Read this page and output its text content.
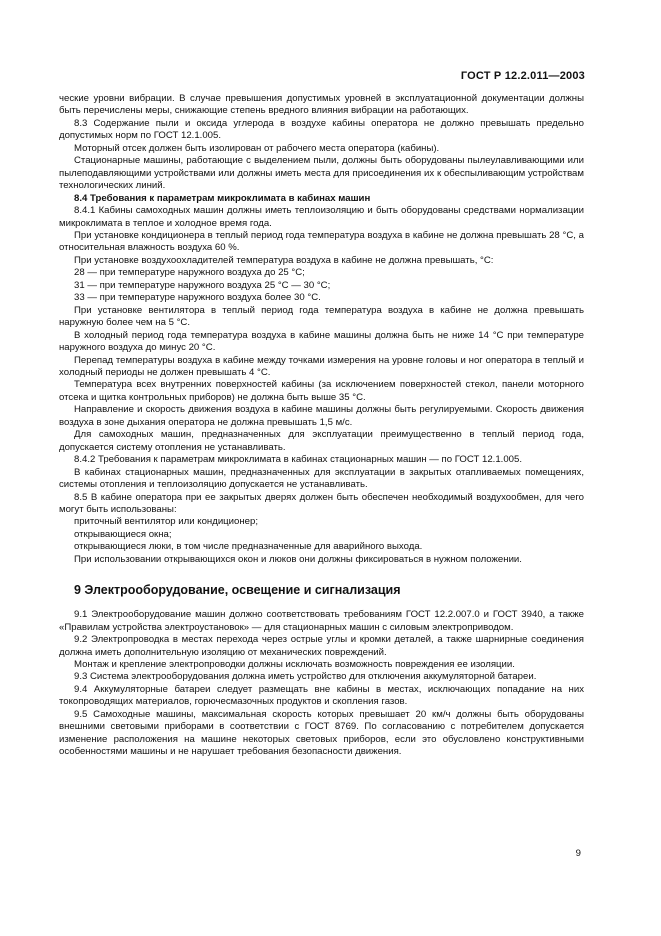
ГОСТ Р 12.2.011—2003

ческие уровни вибрации. В случае превышения допустимых уровней в эксплуатационной документации должны быть перечислены меры, снижающие степень вредного влияния вибрации на работающих.

8.3 Содержание пыли и оксида углерода в воздухе кабины оператора не должно превышать предельно допустимых норм по ГОСТ 12.1.005.

Моторный отсек должен быть изолирован от рабочего места оператора (кабины).

Стационарные машины, работающие с выделением пыли, должны быть оборудованы пылеулавливающими или пылеподавляющими устройствами или должны иметь места для присоединения их к обеспыливающим устройствам технологических линий.

8.4 Требования к параметрам микроклимата в кабинах машин

8.4.1 Кабины самоходных машин должны иметь теплоизоляцию и быть оборудованы средствами нормализации микроклимата в теплое и холодное время года.

При установке кондиционера в теплый период года температура воздуха в кабине не должна превышать 28 °С, а относительная влажность воздуха 60 %.

При установке воздухоохладителей температура воздуха в кабине не должна превышать, °С:

28 — при температуре наружного воздуха до 25 °С;

31 — при температуре наружного воздуха 25 °С — 30 °С;

33 — при температуре наружного воздуха более 30 °С.

При установке вентилятора в теплый период года температура воздуха в кабине не должна превышать наружную более чем на 5 °С.

В холодный период года температура воздуха в кабине машины должна быть не ниже 14 °С при температуре наружного воздуха до минус 20 °С.

Перепад температуры воздуха в кабине между точками измерения на уровне головы и ног оператора в теплый и холодный периоды не должен превышать 4 °С.

Температура всех внутренних поверхностей кабины (за исключением поверхностей стекол, панели моторного отсека и щитка контрольных приборов) не должна быть выше 35 °С.

Направление и скорость движения воздуха в кабине машины должны быть регулируемыми. Скорость движения воздуха в зоне дыхания оператора не должна превышать 1,5 м/с.

Для самоходных машин, предназначенных для эксплуатации преимущественно в теплый период года, допускается систему отопления не устанавливать.

8.4.2 Требования к параметрам микроклимата в кабинах стационарных машин — по ГОСТ 12.1.005.

В кабинах стационарных машин, предназначенных для эксплуатации в закрытых отапливаемых помещениях, системы отопления и теплоизоляцию допускается не устанавливать.

8.5 В кабине оператора при ее закрытых дверях должен быть обеспечен необходимый воздухообмен, для чего могут быть использованы:

приточный вентилятор или кондиционер;

открывающиеся окна;

открывающиеся люки, в том числе предназначенные для аварийного выхода.

При использовании открывающихся окон и люков они должны фиксироваться в нужном положении.

9 Электрооборудование, освещение и сигнализация

9.1 Электрооборудование машин должно соответствовать требованиям ГОСТ 12.2.007.0 и ГОСТ 3940, а также «Правилам устройства электроустановок» — для стационарных машин с силовым электроприводом.

9.2 Электропроводка в местах перехода через острые углы и кромки деталей, а также шарнирные соединения должна иметь дополнительную изоляцию от механических повреждений.

Монтаж и крепление электропроводки должны исключать возможность повреждения ее изоляции.

9.3 Система электрооборудования должна иметь устройство для отключения аккумуляторной батареи.

9.4 Аккумуляторные батареи следует размещать вне кабины в местах, исключающих попадание на них токопроводящих материалов, горючесмазочных продуктов и скопления газов.

9.5 Самоходные машины, максимальная скорость которых превышает 20 км/ч должны быть оборудованы внешними световыми приборами в соответствии с ГОСТ 8769. По согласованию с потребителем допускается изменение расположения на машине некоторых световых приборов, если это обусловлено конструктивными особенностями машины и не нарушает требования безопасности движения.

9
